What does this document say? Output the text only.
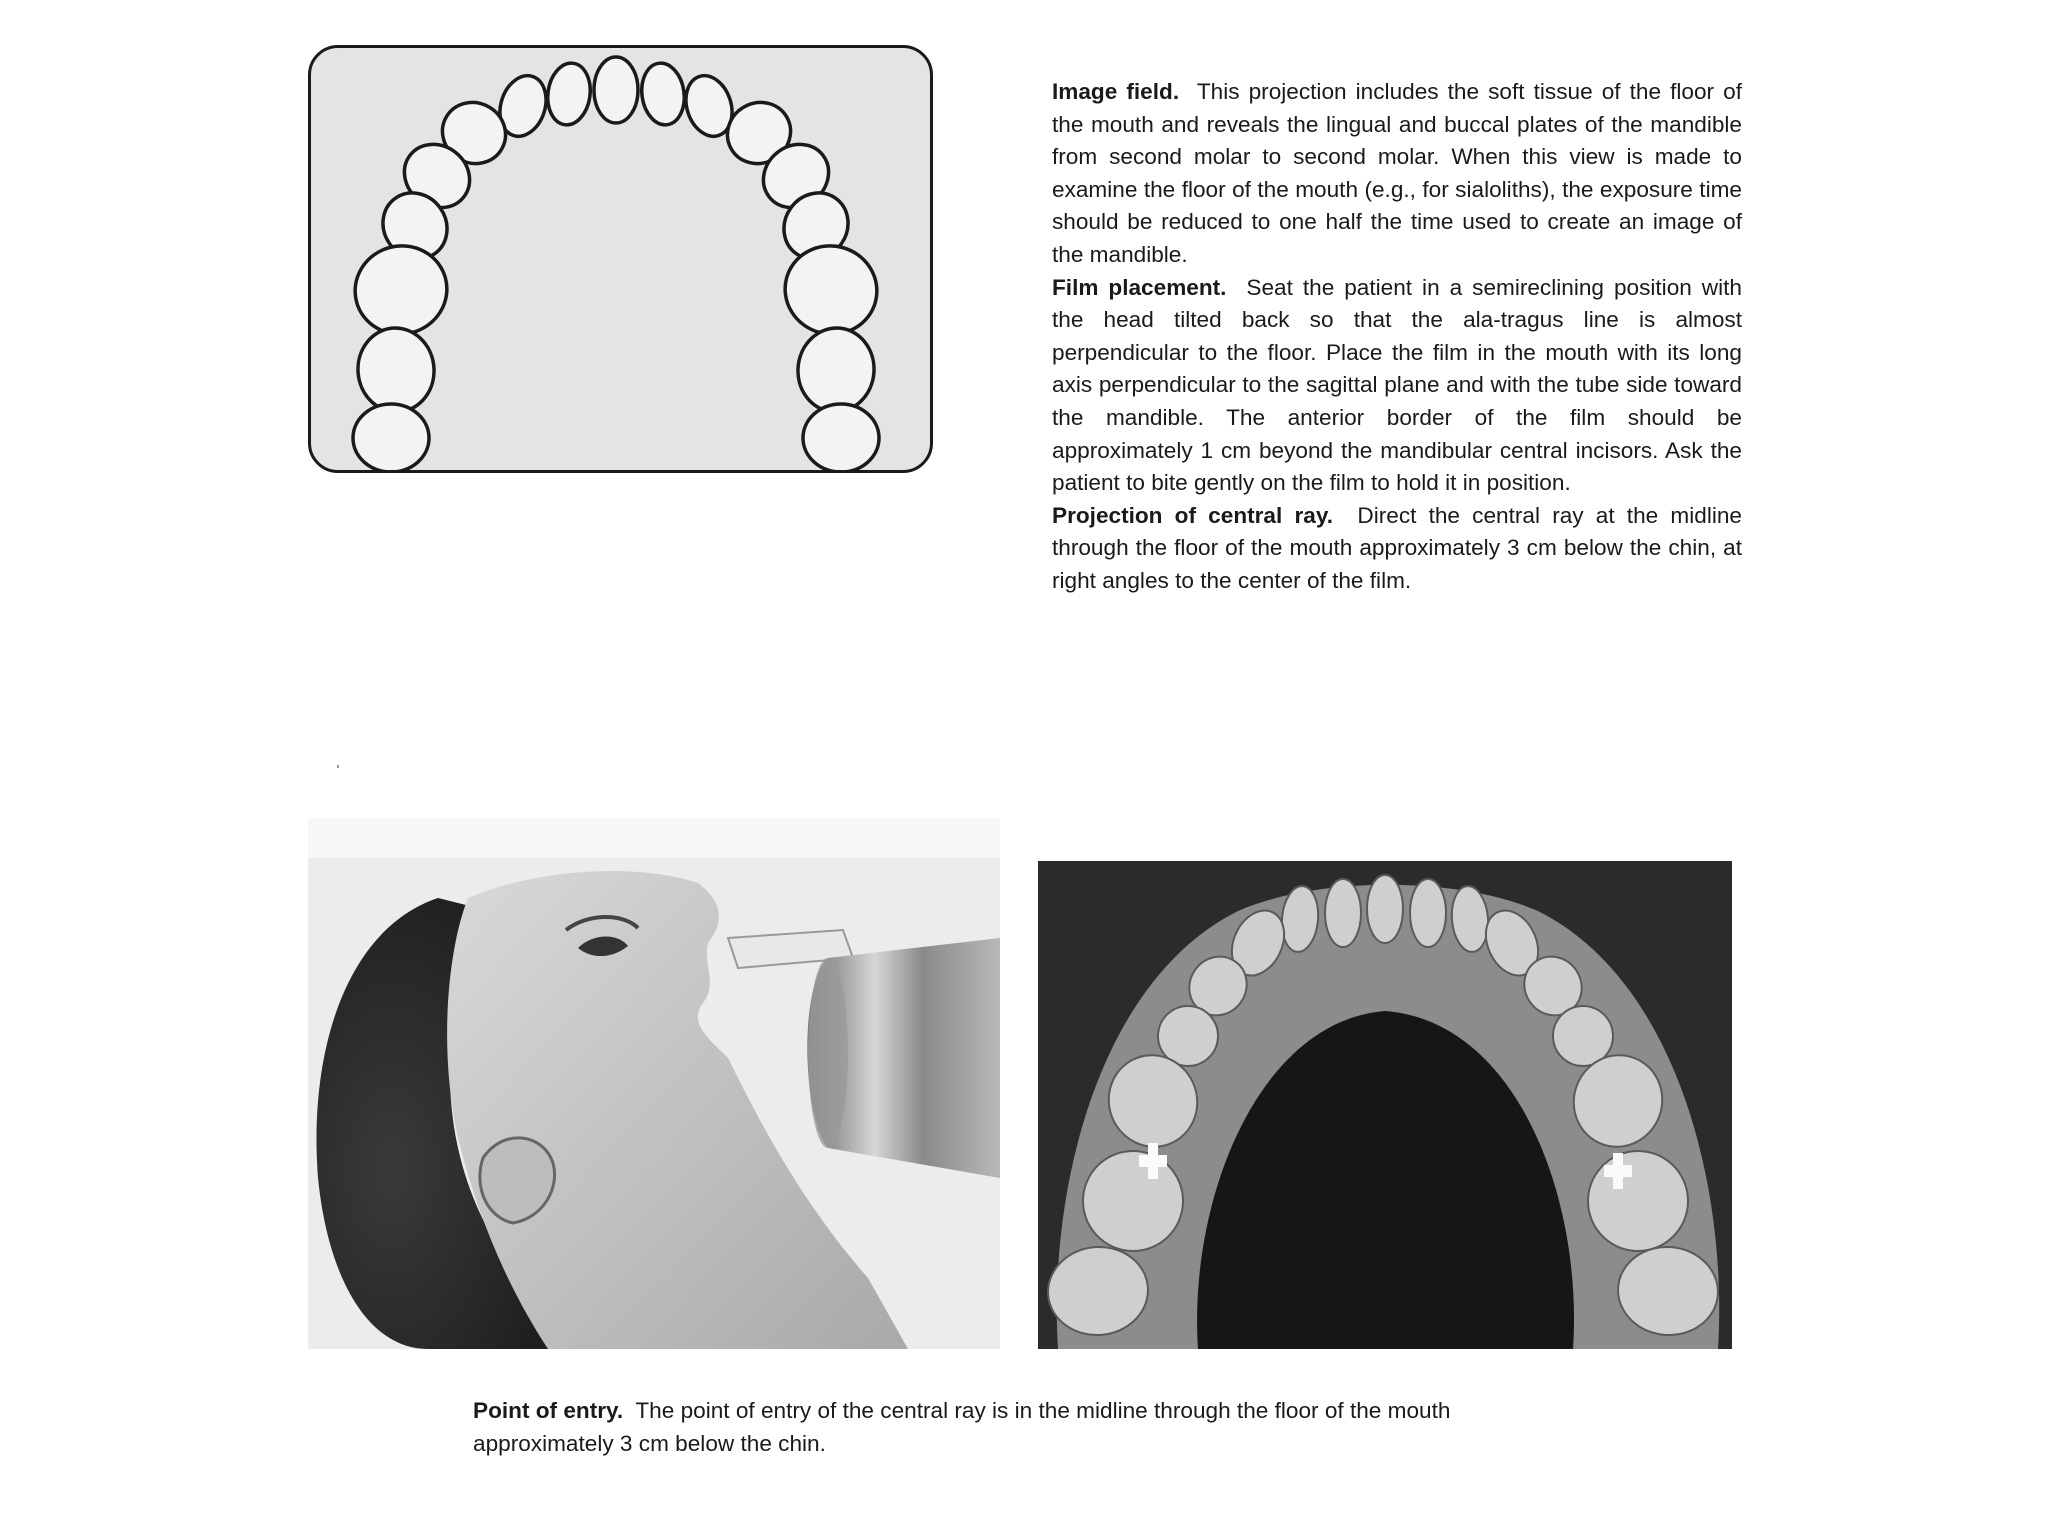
Image field. This projection includes the soft tissue of the floor of the mouth and reveals the lingual and buccal plates of the mandible from second molar to second molar. When this view is made to examine the floor of the mouth (e.g., for sialoliths), the exposure time should be reduced to one half the time used to create an image of the mandible.

Film placement. Seat the patient in a semireclining position with the head tilted back so that the ala-tragus line is almost perpendicular to the floor. Place the film in the mouth with its long axis perpendicular to the sagittal plane and with the tube side toward the mandible. The anterior border of the film should be approximately 1 cm beyond the mandibular central incisors. Ask the patient to bite gently on the film to hold it in position.

Projection of central ray. Direct the central ray at the midline through the floor of the mouth approximately 3 cm below the chin, at right angles to the center of the film.

Point of entry. The point of entry of the central ray is in the midline through the floor of the mouth approximately 3 cm below the chin.
